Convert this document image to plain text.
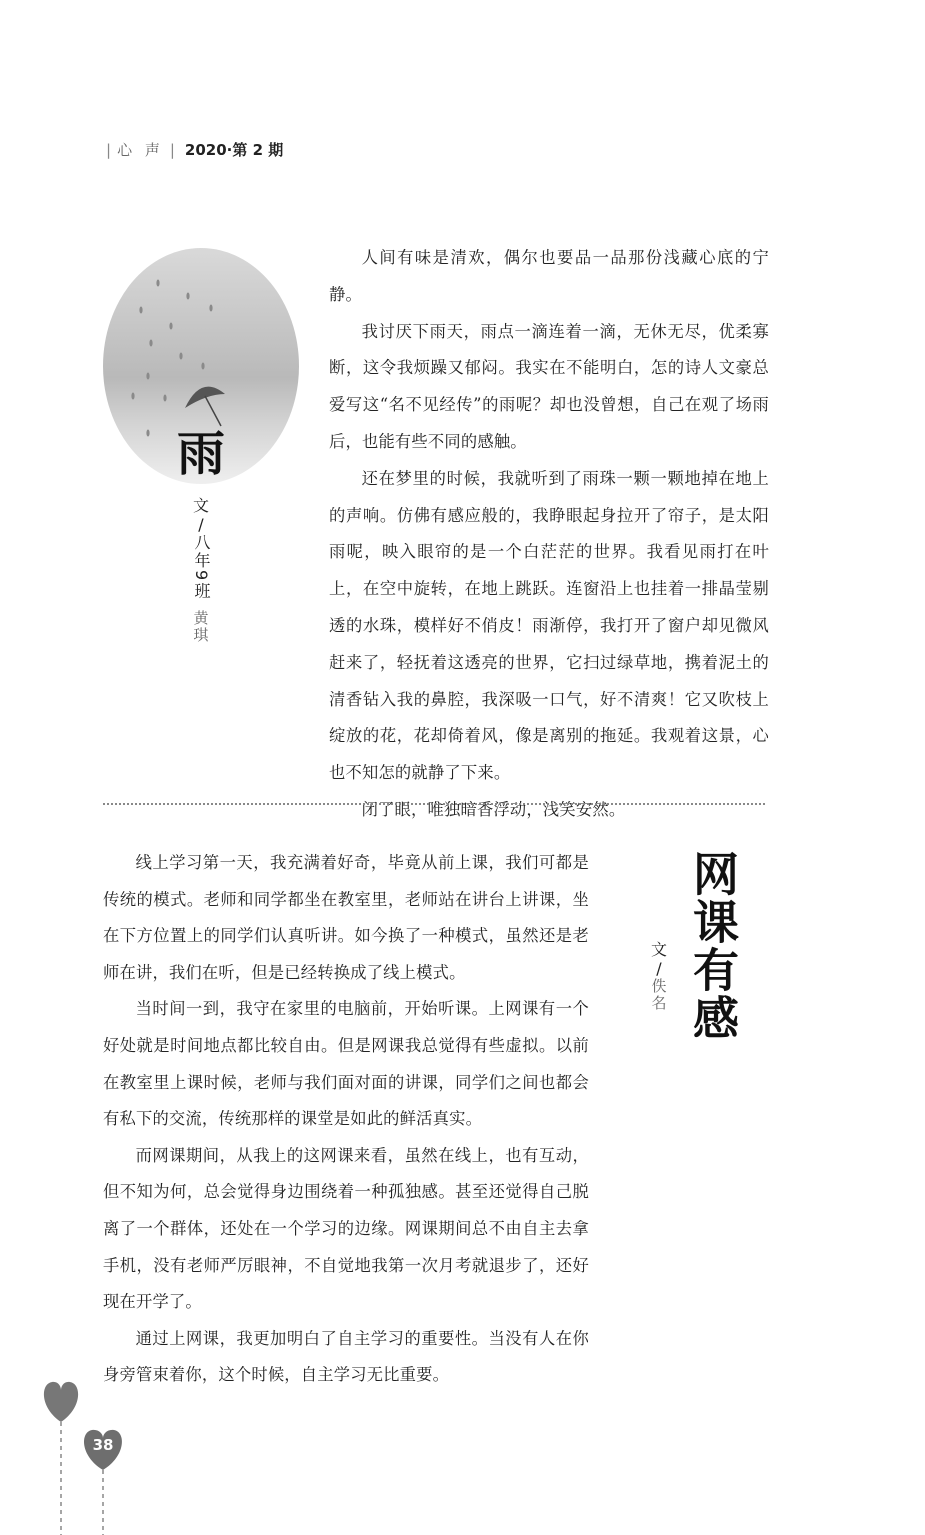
| 心 声 | 2020·第 2 期
雨
文
/
八年9班
黄琪

人间有味是清欢，偶尔也要品一品那份浅藏心底的宁静。

我讨厌下雨天，雨点一滴连着一滴，无休无尽，优柔寡断，这令我烦躁又郁闷。我实在不能明白，怎的诗人文豪总爱写这“名不见经传”的雨呢？却也没曾想，自己在观了场雨后，也能有些不同的感触。

还在梦里的时候，我就听到了雨珠一颗一颗地掉在地上的声响。仿佛有感应般的，我睁眼起身拉开了帘子，是太阳雨呢，映入眼帘的是一个白茫茫的世界。我看见雨打在叶上，在空中旋转，在地上跳跃。连窗沿上也挂着一排晶莹剔透的水珠，模样好不俏皮！雨渐停，我打开了窗户却见微风赶来了，轻抚着这透亮的世界，它扫过绿草地，携着泥土的清香钻入我的鼻腔，我深吸一口气，好不清爽！它又吹枝上绽放的花，花却倚着风，像是离别的拖延。我观着这景，心也不知怎的就静了下来。

闭了眼，唯独暗香浮动，浅笑安然。

线上学习第一天，我充满着好奇，毕竟从前上课，我们可都是传统的模式。老师和同学都坐在教室里，老师站在讲台上讲课，坐在下方位置上的同学们认真听讲。如今换了一种模式，虽然还是老师在讲，我们在听，但是已经转换成了线上模式。

当时间一到，我守在家里的电脑前，开始听课。上网课有一个好处就是时间地点都比较自由。但是网课我总觉得有些虚拟。以前在教室里上课时候，老师与我们面对面的讲课，同学们之间也都会有私下的交流，传统那样的课堂是如此的鲜活真实。

而网课期间，从我上的这网课来看，虽然在线上，也有互动，但不知为何，总会觉得身边围绕着一种孤独感。甚至还觉得自己脱离了一个群体，还处在一个学习的边缘。网课期间总不由自主去拿手机，没有老师严厉眼神，不自觉地我第一次月考就退步了，还好现在开学了。

通过上网课，我更加明白了自主学习的重要性。当没有人在你身旁管束着你，这个时候，自主学习无比重要。

网课有感
文
/
佚名
38
